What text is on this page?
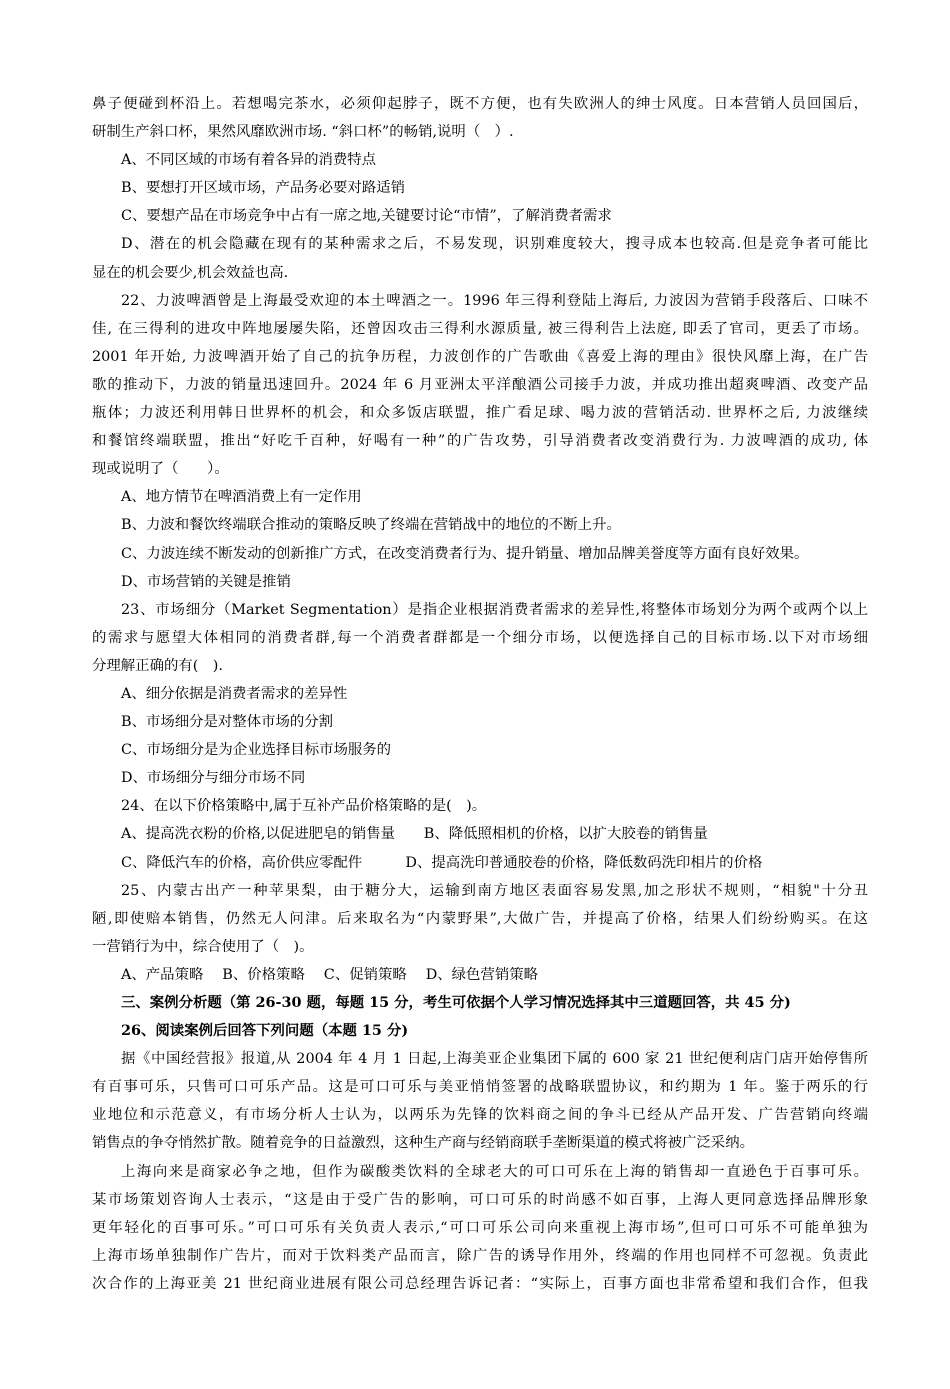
鼻子便碰到杯沿上。若想喝完茶水，必须仰起脖子，既不方便，也有失欧洲人的绅士风度。日本营销人员回国后，
研制生产斜口杯，果然风靡欧洲市场. “斜口杯”的畅销,说明（　）.
A、不同区域的市场有着各异的消费特点
B、要想打开区域市场，产品务必要对路适销
C、要想产品在市场竞争中占有一席之地,关键要讨论“市情”，了解消费者需求
D、潜在的机会隐藏在现有的某种需求之后，不易发现，识别难度较大，搜寻成本也较高.但是竞争者可能比
显在的机会要少,机会效益也高.
22、力波啤酒曾是上海最受欢迎的本土啤酒之一。1996 年三得利登陆上海后, 力波因为营销手段落后、口味不
佳, 在三得利的进攻中阵地屡屡失陷，还曾因攻击三得利水源质量, 被三得利告上法庭, 即丢了官司，更丢了市场。
2001 年开始, 力波啤酒开始了自己的抗争历程，力波创作的广告歌曲《喜爱上海的理由》很快风靡上海，在广告
歌的推动下，力波的销量迅速回升。2024 年 6 月亚洲太平洋酿酒公司接手力波，并成功推出超爽啤酒、改变产品
瓶体；力波还利用韩日世界杯的机会，和众多饭店联盟，推广看足球、喝力波的营销活动. 世界杯之后, 力波继续
和餐馆终端联盟，推出“好吃千百种，好喝有一种”的广告攻势，引导消费者改变消费行为. 力波啤酒的成功, 体
现或说明了（　　）。
A、地方情节在啤酒消费上有一定作用
B、力波和餐饮终端联合推动的策略反映了终端在营销战中的地位的不断上升。
C、力波连续不断发动的创新推广方式，在改变消费者行为、提升销量、增加品牌美誉度等方面有良好效果。
D、市场营销的关键是推销
23、市场细分（Market Segmentation）是指企业根据消费者需求的差异性,将整体市场划分为两个或两个以上
的需求与愿望大体相同的消费者群,每一个消费者群都是一个细分市场，以便选择自己的目标市场.以下对市场细
分理解正确的有(　).
A、细分依据是消费者需求的差异性
B、市场细分是对整体市场的分割
C、市场细分是为企业选择目标市场服务的
D、市场细分与细分市场不同
24、在以下价格策略中,属于互补产品价格策略的是(　)。
A、提高洗衣粉的价格,以促进肥皂的销售量　　B、降低照相机的价格，以扩大胶卷的销售量
C、降低汽车的价格，高价供应零配件　　　D、提高洗印普通胶卷的价格，降低数码洗印相片的价格
25、内蒙古出产一种苹果梨，由于糖分大，运输到南方地区表面容易发黑,加之形状不规则，“相貌"十分丑
陋,即使赔本销售，仍然无人问津。后来取名为“内蒙野果”,大做广告，并提高了价格，结果人们纷纷购买。在这
一营销行为中，综合使用了（　)。
A、产品策略　 B、价格策略　 C、促销策略　 D、绿色营销策略
三、案例分析题（第 26-30 题，每题 15 分，考生可依据个人学习情况选择其中三道题回答，共 45 分)
26、阅读案例后回答下列问题（本题 15 分)
据《中国经营报》报道,从 2004 年 4 月 1 日起,上海美亚企业集团下属的 600 家 21 世纪便利店门店开始停售所
有百事可乐，只售可口可乐产品。这是可口可乐与美亚悄悄签署的战略联盟协议，和约期为 1 年。鉴于两乐的行
业地位和示范意义，有市场分析人士认为，以两乐为先锋的饮料商之间的争斗已经从产品开发、广告营销向终端
销售点的争夺悄然扩散。随着竞争的日益激烈，这种生产商与经销商联手垄断渠道的模式将被广泛采纳。
上海向来是商家必争之地，但作为碳酸类饮料的全球老大的可口可乐在上海的销售却一直逊色于百事可乐。
某市场策划咨询人士表示，“这是由于受广告的影响，可口可乐的时尚感不如百事，上海人更同意选择品牌形象
更年轻化的百事可乐。”可口可乐有关负责人表示,“可口可乐公司向来重视上海市场”,但可口可乐不可能单独为
上海市场单独制作广告片，而对于饮料类产品而言，除广告的诱导作用外，终端的作用也同样不可忽视。负责此
次合作的上海亚美 21 世纪商业进展有限公司总经理告诉记者：“实际上，百事方面也非常希望和我们合作，但我
